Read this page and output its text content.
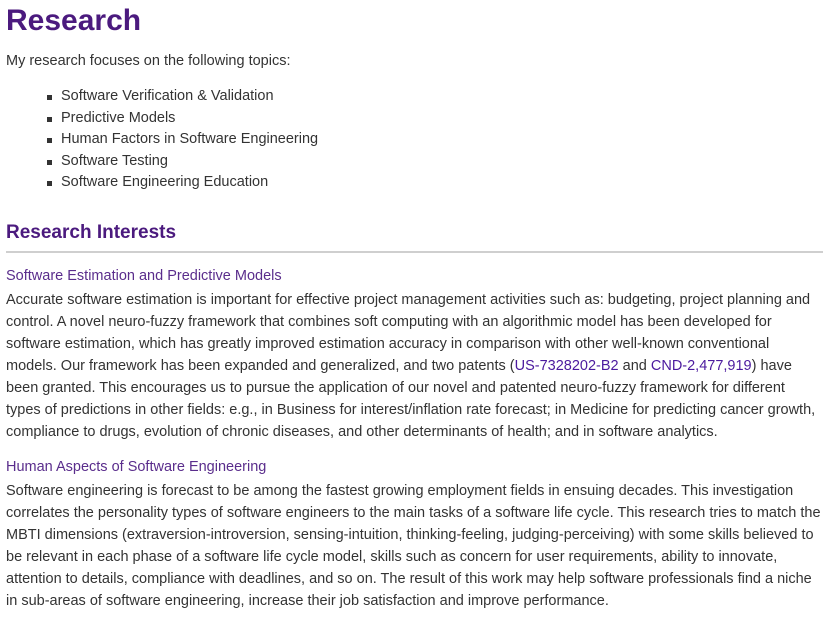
Research
My research focuses on the following topics:
Software Verification & Validation
Predictive Models
Human Factors in Software Engineering
Software Testing
Software Engineering Education
Research Interests
Software Estimation and Predictive Models

Accurate software estimation is important for effective project management activities such as: budgeting, project planning and control. A novel neuro-fuzzy framework that combines soft computing with an algorithmic model has been developed for software estimation, which has greatly improved estimation accuracy in comparison with other well-known conventional models. Our framework has been expanded and generalized, and two patents (US-7328202-B2 and CND-2,477,919) have been granted. This encourages us to pursue the application of our novel and patented neuro-fuzzy framework for different types of predictions in other fields: e.g., in Business for interest/inflation rate forecast; in Medicine for predicting cancer growth, compliance to drugs, evolution of chronic diseases, and other determinants of health; and in software analytics.

Human Aspects of Software Engineering

Software engineering is forecast to be among the fastest growing employment fields in ensuing decades. This investigation correlates the personality types of software engineers to the main tasks of a software life cycle. This research tries to match the MBTI dimensions (extraversion-introversion, sensing-intuition, thinking-feeling, judging-perceiving) with some skills believed to be relevant in each phase of a software life cycle model, skills such as concern for user requirements, ability to innovate, attention to details, compliance with deadlines, and so on. The result of this work may help software professionals find a niche in sub-areas of software engineering, increase their job satisfaction and improve performance.
